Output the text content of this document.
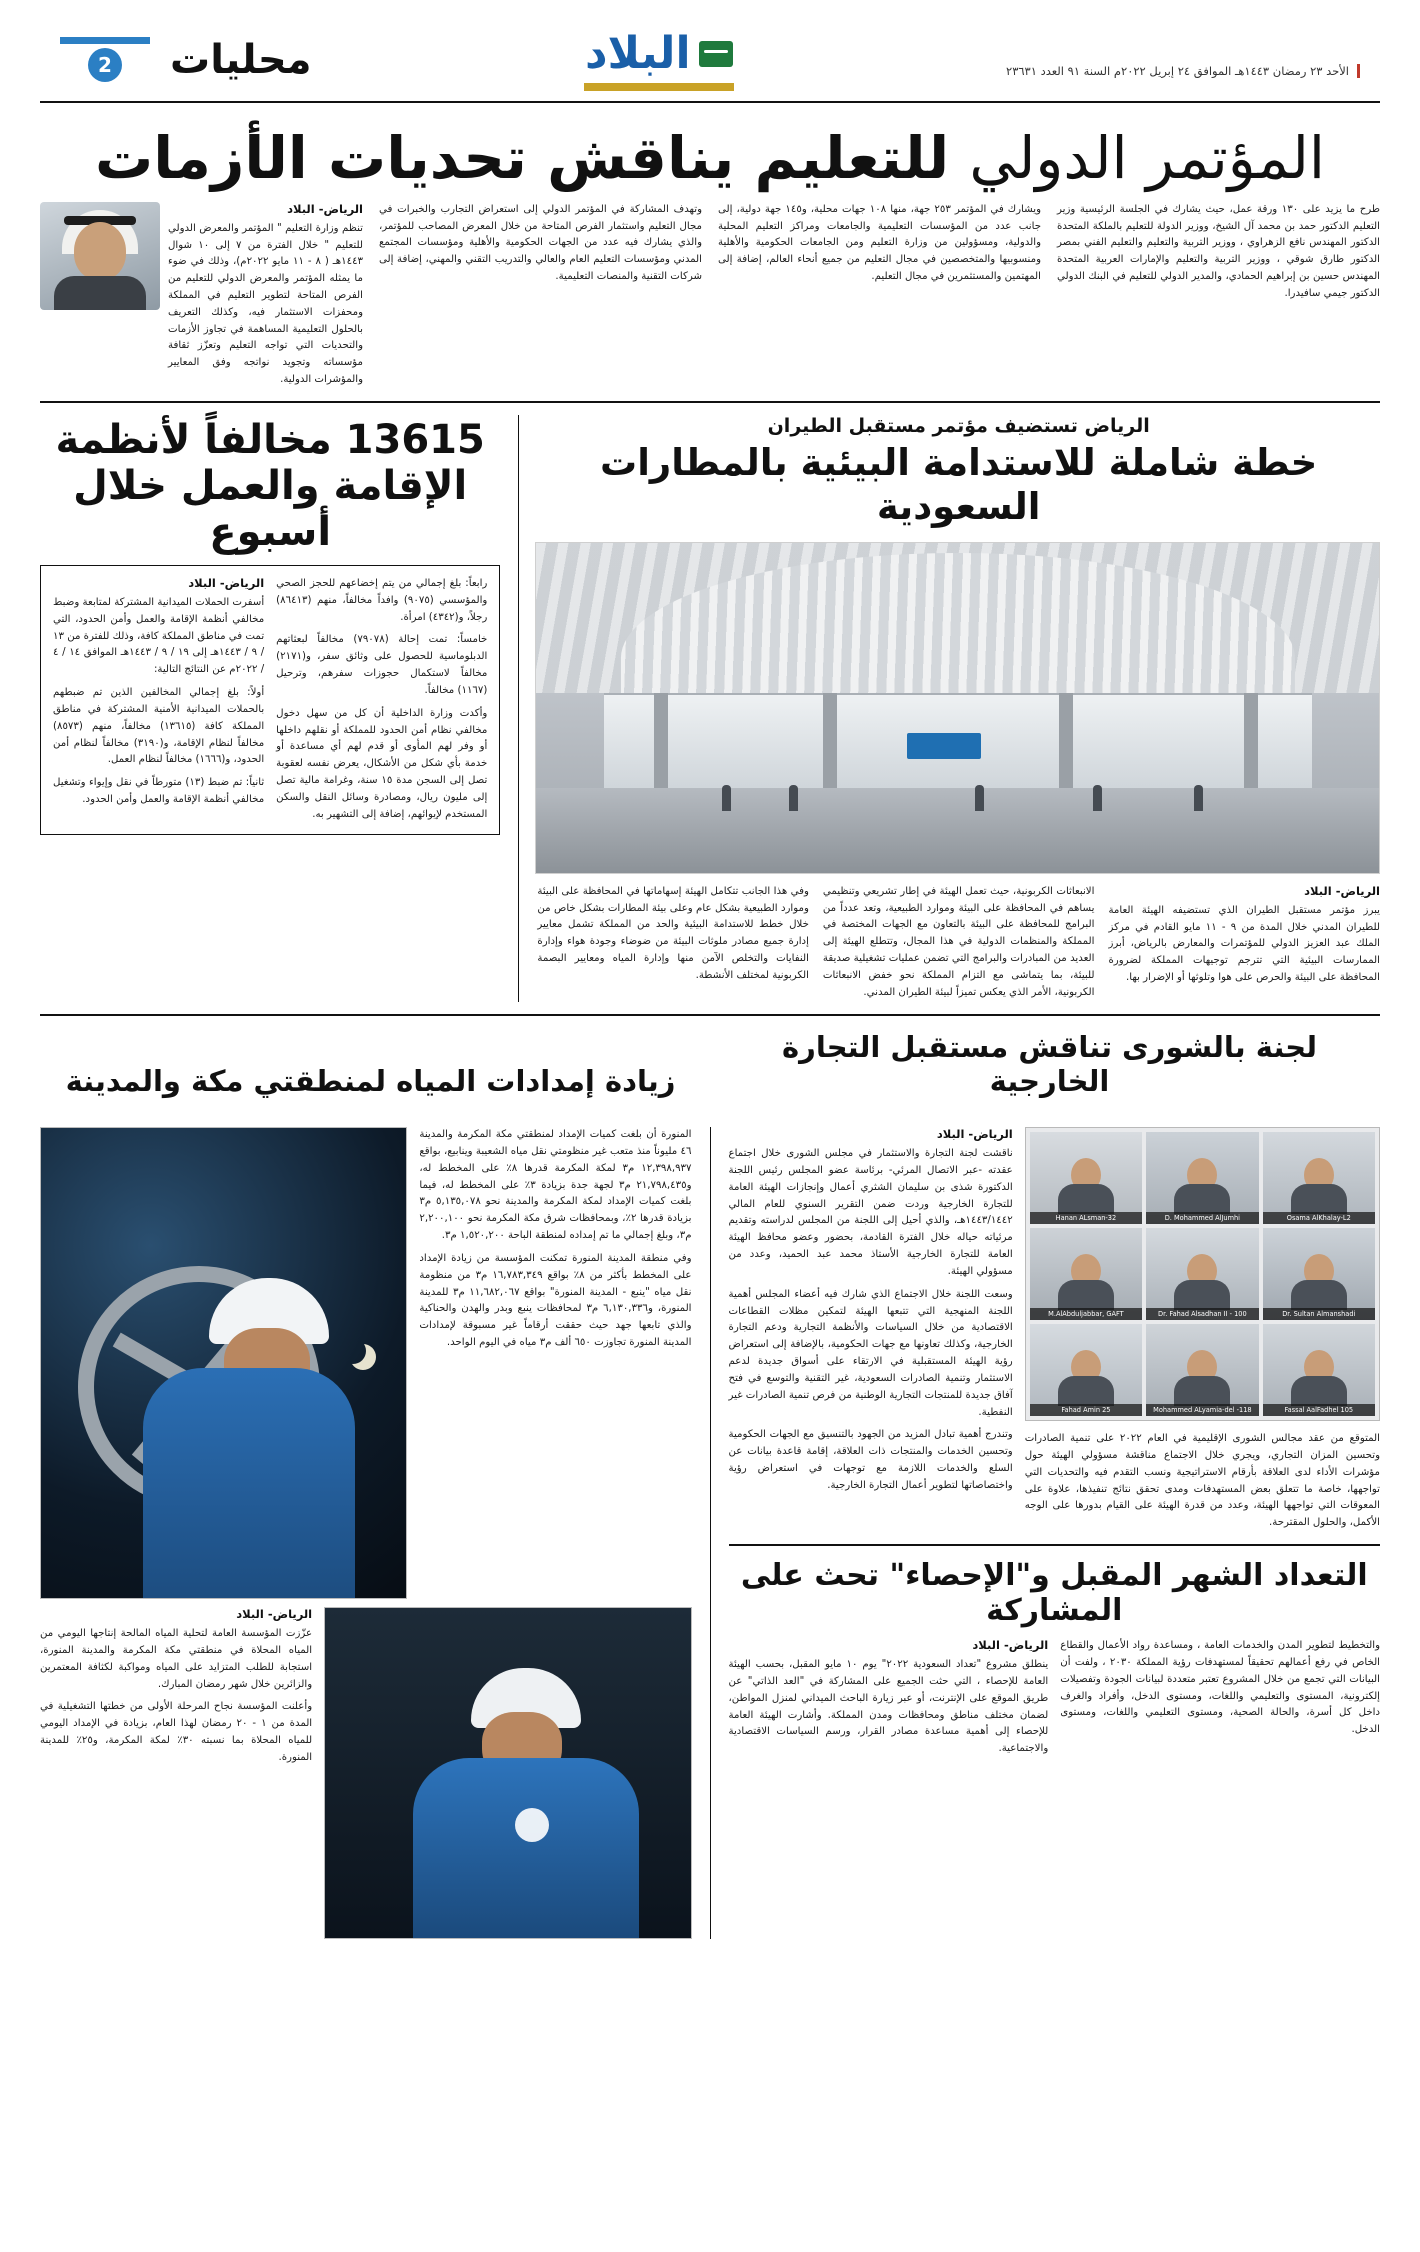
الأحد ٢٣ رمضان ١٤٤٣هـ الموافق ٢٤ إبريل ٢٠٢٢م السنة ٩١ العدد ٢٣٦٣١
البلاد
محليات
2
المؤتمر الدولي للتعليم يناقش تحديات الأزمات
طرح ما يزيد على ١٣٠ ورقة عمل، حيث يشارك في الجلسة الرئيسية وزير التعليم الدكتور حمد بن محمد آل الشيخ، ووزير الدولة للتعليم بالملكة المتحدة الدكتور المهندس نافع الزهراوي ، ووزير التربية والتعليم والتعليم الفني بمصر الدكتور طارق شوقي ، ووزير التربية والتعليم والإمارات العربية المتحدة المهندس حسين بن إبراهيم الحمادي، والمدير الدولي للتعليم في البنك الدولي الدكتور جيمي سافيدرا.
ويشارك في المؤتمر ٢٥٣ جهة، منها ١٠٨ جهات محلية، و١٤٥ جهة دولية، إلى جانب عدد من المؤسسات التعليمية والجامعات ومراكز التعليم المحلية والدولية، ومسؤولين من وزارة التعليم ومن الجامعات الحكومية والأهلية ومنسوبيها والمتخصصين في مجال التعليم من جميع أنحاء العالم، إضافة إلى المهتمين والمستثمرين في مجال التعليم.
وتهدف المشاركة في المؤتمر الدولي إلى استعراض التجارب والخبرات في مجال التعليم واستثمار الفرص المتاحة من خلال المعرض المصاحب للمؤتمر، والذي يشارك فيه عدد من الجهات الحكومية والأهلية ومؤسسات المجتمع المدني ومؤسسات التعليم العام والعالي والتدريب التقني والمهني، إضافة إلى شركات التقنية والمنصات التعليمية.
الرياض- البلاد
تنظم وزارة التعليم " المؤتمر والمعرض الدولي للتعليم " خلال الفترة من ٧ إلى ١٠ شوال ١٤٤٣هـ ( ٨ - ١١ مايو ٢٠٢٢م)، وذلك في ضوء ما يمثله المؤتمر والمعرض الدولي للتعليم من الفرص المتاحة لتطوير التعليم في المملكة ومحفزات الاستثمار فيه، وكذلك التعريف بالحلول التعليمية المساهمة في تجاوز الأزمات والتحديات التي تواجه التعليم وتعزّز ثقافة مؤسساته وتجويد نواتجه وفق المعايير والمؤشرات الدولية.
الرياض تستضيف مؤتمر مستقبل الطيران
خطة شاملة للاستدامة البيئية بالمطارات السعودية
الرياض- البلاد
يبرز مؤتمر مستقبل الطيران الذي تستضيفه الهيئة العامة للطيران المدني خلال المدة من ٩ - ١١ مايو القادم في مركز الملك عبد العزيز الدولي للمؤتمرات والمعارض بالرياض، أبرز الممارسات البيئية التي تترجم توجيهات المملكة لضرورة المحافظة على البيئة والحرص على هوا وتلوثها أو الإضرار بها.
الانبعاثات الكربونية، حيث تعمل الهيئة في إطار تشريعي وتنظيمي يساهم في المحافظة على البيئة وموارد الطبيعية، وتعد عدداً من البرامج للمحافظة على البيئة بالتعاون مع الجهات المختصة في المملكة والمنظمات الدولية في هذا المجال، وتتطلع الهيئة إلى العديد من المبادرات والبرامج التي تضمن عمليات تشغيلية صديقة للبيئة، بما يتماشى مع التزام المملكة نحو خفض الانبعاثات الكربونية، الأمر الذي يعكس تميزاً لبيئة الطيران المدني.
وفي هذا الجانب تتكامل الهيئة إسهاماتها في المحافظة على البيئة وموارد الطبيعية بشكل عام وعلى بيئة المطارات بشكل خاص من خلال خطط للاستدامة البيئية والحد من المملكة تشمل معايير إدارة جميع مصادر ملوثات البيئة من ضوضاء وجودة هواء وإدارة النفايات والتخلص الآمن منها وإدارة المياه ومعايير البصمة الكربونية لمختلف الأنشطة.
13615 مخالفاً لأنظمة الإقامة والعمل خلال أسبوع
رابعاً: بلغ إجمالي من يتم إخضاعهم للحجز الصحي والمؤسسي (٩٠٧٥) وافداً مخالفاً، منهم (٨٦٤١٣) رجلاً، و(٤٣٤٢) امرأة.
خامساً: تمت إحالة (٧٩٠٧٨) مخالفاً لبعثاتهم الدبلوماسية للحصول على وثائق سفر، و(٢١٧١) مخالفاً لاستكمال حجوزات سفرهم، وترحيل (١١٦٧) مخالفاً.
وأكدت وزارة الداخلية أن كل من سهل دخول مخالفي نظام أمن الحدود للمملكة أو نقلهم داخلها أو وفر لهم المأوى أو قدم لهم أي مساعدة أو خدمة بأي شكل من الأشكال، يعرض نفسه لعقوبة تصل إلى السجن مدة ١٥ سنة، وغرامة مالية تصل إلى مليون ريال، ومصادرة وسائل النقل والسكن المستخدم لإيوائهم، إضافة إلى التشهير به.
الرياض- البلاد
أسفرت الحملات الميدانية المشتركة لمتابعة وضبط مخالفي أنظمة الإقامة والعمل وأمن الحدود، التي تمت في مناطق المملكة كافة، وذلك للفترة من ١٣ / ٩ / ١٤٤٣هـ إلى ١٩ / ٩ / ١٤٤٣هـ الموافق ١٤ / ٤ / ٢٠٢٢م عن النتائج التالية:
أولاً: بلغ إجمالي المخالفين الذين تم ضبطهم بالحملات الميدانية الأمنية المشتركة في مناطق المملكة كافة (١٣٦١٥) مخالفاً، منهم (٨٥٧٣) مخالفاً لنظام الإقامة، و(٣١٩٠) مخالفاً لنظام أمن الحدود، و(١٦٦٦) مخالفاً لنظام العمل.
ثانياً: تم ضبط (١٣) متورطاً في نقل وإيواء وتشغيل مخالفي أنظمة الإقامة والعمل وأمن الحدود.
لجنة بالشورى تناقش مستقبل التجارة الخارجية
زيادة إمدادات المياه لمنطقتي مكة والمدينة
Osama AlKhalay-L2
D. Mohammed AlJumhi
Hanan ALsman-32
Dr. Sultan Almanshadi
Dr. Fahad Alsadhan II - 100
M.AlAbduljabbar, GAFT
Fassal AalFadhel 105
Mohammed ALyamia-del -118
Fahad Amin 25
المتوقع من عقد مجالس الشورى الإقليمية في العام ٢٠٢٢ على تنمية الصادرات وتحسين المزان التجاري، ويجري خلال الاجتماع مناقشة مسؤولي الهيئة حول مؤشرات الأداء لدى العلاقة بأرقام الاستراتيجية ونسب التقدم فيه والتحديات التي تواجهها، خاصة ما تتعلق بعض المستهدفات ومدى تحقق نتائج تنفيذها، علاوة على المعوقات التي تواجهها الهيئة، وعدد من قدرة الهيئة على القيام بدورها على الوجه الأكمل، والحلول المقترحة.
الرياض- البلاد
ناقشت لجنة التجارة والاستثمار في مجلس الشورى خلال اجتماع عقدته -عبر الاتصال المرئي- برئاسة عضو المجلس رئيس اللجنة الدكتورة شذى بن سليمان الشثري أعمال وإنجازات الهيئة العامة للتجارة الخارجية وردت ضمن التقرير السنوي للعام المالي ١٤٤٣/١٤٤٢هـ، والذي أحيل إلى اللجنة من المجلس لدراسته وتقديم مرئياته حياله خلال الفترة القادمة، بحضور وعضو محافظ الهيئة العامة للتجارة الخارجية الأستاذ محمد عبد الحميد، وعدد من مسؤولي الهيئة.
وسعت اللجنة خلال الاجتماع الذي شارك فيه أعضاء المجلس أهمية اللجنة المنهجية التي تتبعها الهيئة لتمكين مظلات القطاعات الاقتصادية من خلال السياسات والأنظمة التجارية ودعم التجارة الخارجية، وكذلك تعاونها مع جهات الحكومية، بالإضافة إلى استعراض رؤية الهيئة المستقبلية في الارتقاء على أسواق جديدة لدعم الاستثمار وتنمية الصادرات السعودية، غير التقنية والتوسع في فتح آفاق جديدة للمنتجات التجارية الوطنية من فرص تنمية الصادرات غير النفطية.
وتندرج أهمية تبادل المزيد من الجهود بالتنسيق مع الجهات الحكومية وتحسين الخدمات والمنتجات ذات العلاقة، إقامة قاعدة بيانات عن السلع والخدمات اللازمة مع توجهات في استعراض رؤية واختصاصاتها لتطوير أعمال التجارة الخارجية.
التعداد الشهر المقبل و"الإحصاء" تحث على المشاركة
والتخطيط لتطوير المدن والخدمات العامة ، ومساعدة رواد الأعمال والقطاع الخاص في رفع أعمالهم تحقيقاً لمستهدفات رؤية المملكة ٢٠٣٠ ، ولفت أن البيانات التي تجمع من خلال المشروع تعتبر متعددة لبيانات الجودة وتفصيلات إلكترونية، المستوى والتعليمي واللغات، ومستوى الدخل، وأفراد والغرف داخل كل أسرة، والحالة الصحية، ومستوى التعليمي واللغات، ومستوى الدخل.
الرياض- البلاد
ينطلق مشروع "تعداد السعودية ٢٠٢٢" يوم ١٠ مايو المقبل، بحسب الهيئة العامة للإحصاء ، التي حثت الجميع على المشاركة في "العد الذاتي" عن طريق الموقع على الإنترنت، أو عبر زيارة الباحث الميداني لمنزل المواطن، لضمان مختلف مناطق ومحافظات ومدن المملكة. وأشارت الهيئة العامة للإحصاء إلى أهمية مساعدة مصادر القرار، ورسم السياسات الاقتصادية والاجتماعية.
المنورة أن بلغت كميات الإمداد لمنطقتي مكة المكرمة والمدينة ٤٦ مليوناً منذ متعب غير منظومتي نقل مياه الشعيبة وينابيع، بواقع ١٢,٣٩٨,٩٣٧ م٣ لمكة المكرمة قدرها ٨٪ على المخطط له، و٢١,٧٩٨,٤٣٥ م٣ لجهة جدة بزيادة ٣٪ على المخطط له، فيما بلغت كميات الإمداد لمكة المكرمة والمدينة نحو ٥,١٣٥,٠٧٨ م٣ بزيادة قدرها ٢٪، وبمحافظات شرق مكة المكرمة نحو ٢,٢٠٠,١٠٠ م٣، وبلغ إجمالي ما تم إمداده لمنطقة الباحة ١,٥٢٠,٢٠٠ م٣.
وفي منطقة المدينة المنورة تمكنت المؤسسة من زيادة الإمداد على المخطط بأكثر من ٨٪ بواقع ١٦,٧٨٣,٣٤٩ م٣ من منظومة نقل مياه "ينبع - المدينة المنورة" بواقع ١١,٦٨٢,٠٦٧ م٣ للمدينة المنورة، و٦,١٣٠,٣٣٦ م٣ لمحافظات ينبع وبدر والهدن والحناكية والذي تابعها جهد حيث حققت أرقاماً غير مسبوقة لإمدادات المدينة المنورة تجاوزت ٦٥٠ ألف م٣ مياه في اليوم الواحد.
الرياض- البلاد
عزّزت المؤسسة العامة لتحلية المياه المالحة إنتاجها اليومي من المياه المحلاة في منطقتي مكة المكرمة والمدينة المنورة، استجابة للطلب المتزايد على المياه ومواكبة لكثافة المعتمرين والزائرين خلال شهر رمضان المبارك.
وأعلنت المؤسسة نجاح المرحلة الأولى من خطتها التشغيلية في المدة من ١ - ٢٠ رمضان لهذا العام، بزيادة في الإمداد اليومي للمياه المحلاة بما نسبته ٣٠٪ لمكة المكرمة، و٢٥٪ للمدينة المنورة.
